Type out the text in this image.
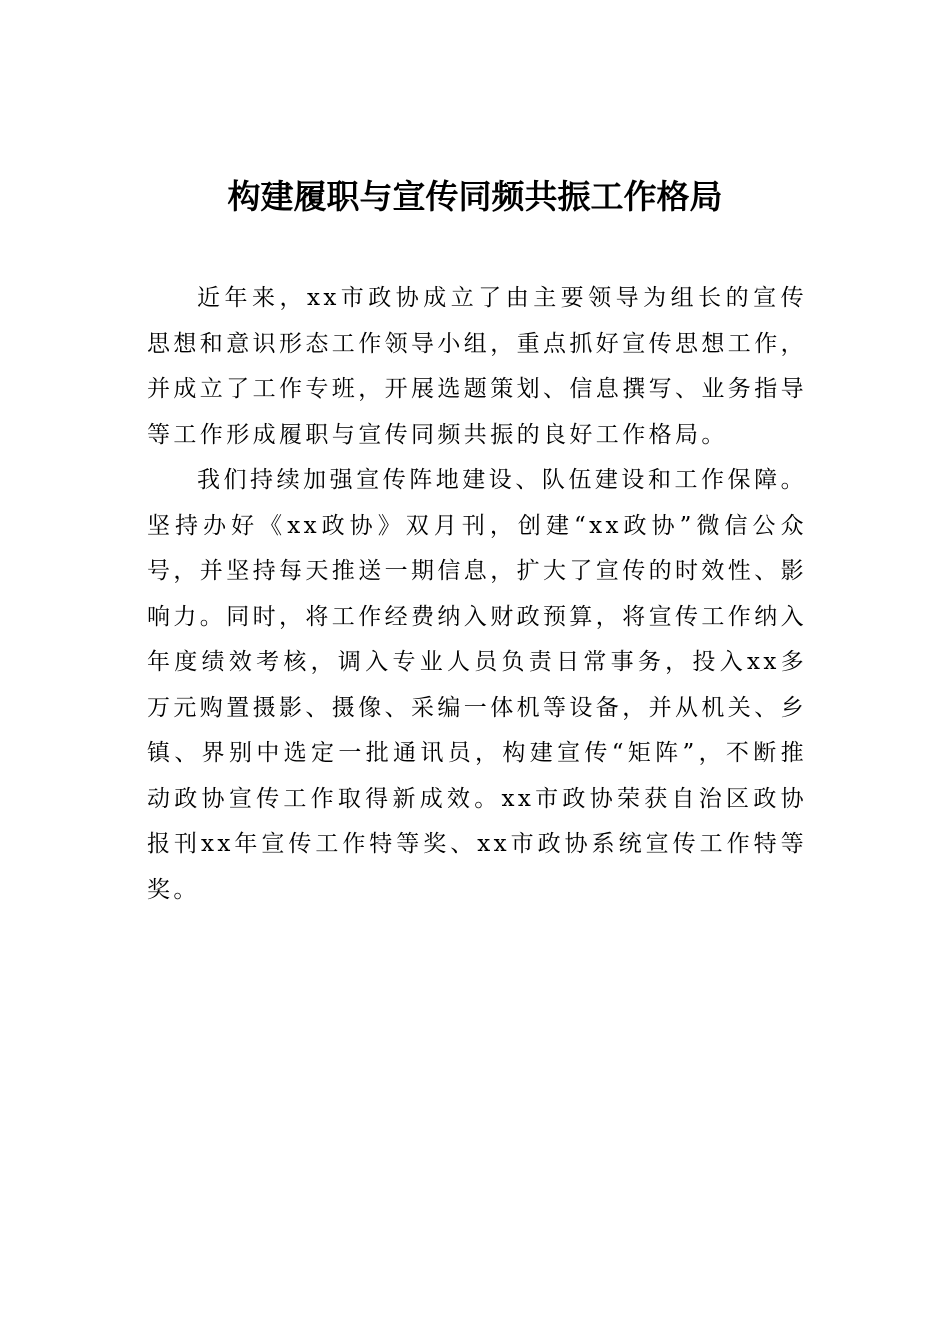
构建履职与宣传同频共振工作格局

近年来，xx市政协成立了由主要领导为组长的宣传思想和意识形态工作领导小组，重点抓好宣传思想工作，并成立了工作专班，开展选题策划、信息撰写、业务指导等工作形成履职与宣传同频共振的良好工作格局。

我们持续加强宣传阵地建设、队伍建设和工作保障。坚持办好《xx政协》双月刊，创建“xx政协”微信公众号，并坚持每天推送一期信息，扩大了宣传的时效性、影响力。同时，将工作经费纳入财政预算，将宣传工作纳入年度绩效考核，调入专业人员负责日常事务，投入xx多万元购置摄影、摄像、采编一体机等设备，并从机关、乡镇、界别中选定一批通讯员，构建宣传“矩阵”，不断推动政协宣传工作取得新成效。xx市政协荣获自治区政协报刊xx年宣传工作特等奖、xx市政协系统宣传工作特等奖。
